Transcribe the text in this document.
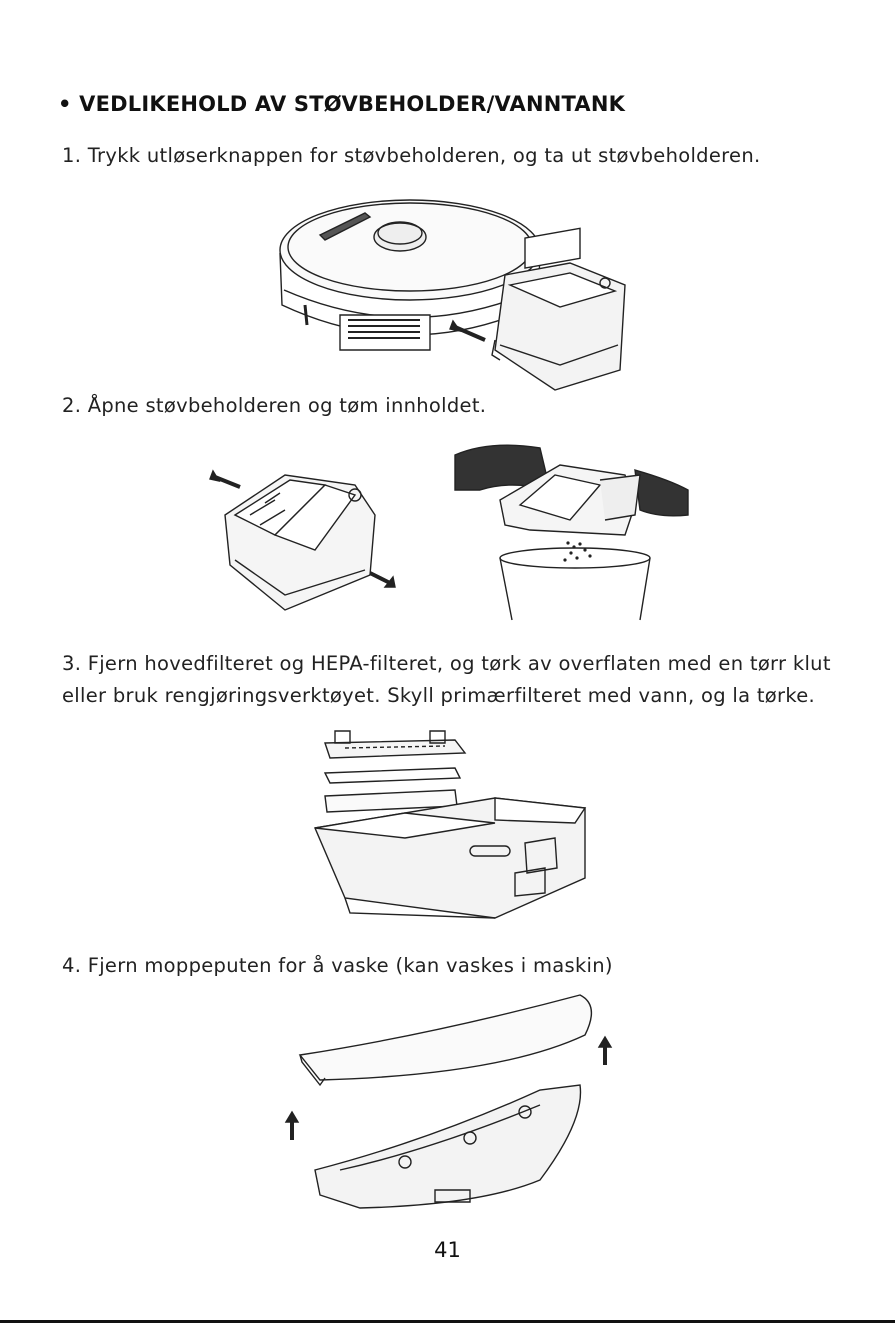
• VEDLIKEHOLD AV STØVBEHOLDER/VANNTANK
1. Trykk utløserknappen for støvbeholderen, og ta ut støvbeholderen.
2. Åpne støvbeholderen og tøm innholdet.
3. Fjern hovedfilteret og HEPA-filteret, og tørk av overflaten med en tørr klut eller bruk rengjøringsverktøyet. Skyll primærfilteret med vann, og la tørke.
4. Fjern moppeputen for å vaske (kan vaskes i maskin)
41
